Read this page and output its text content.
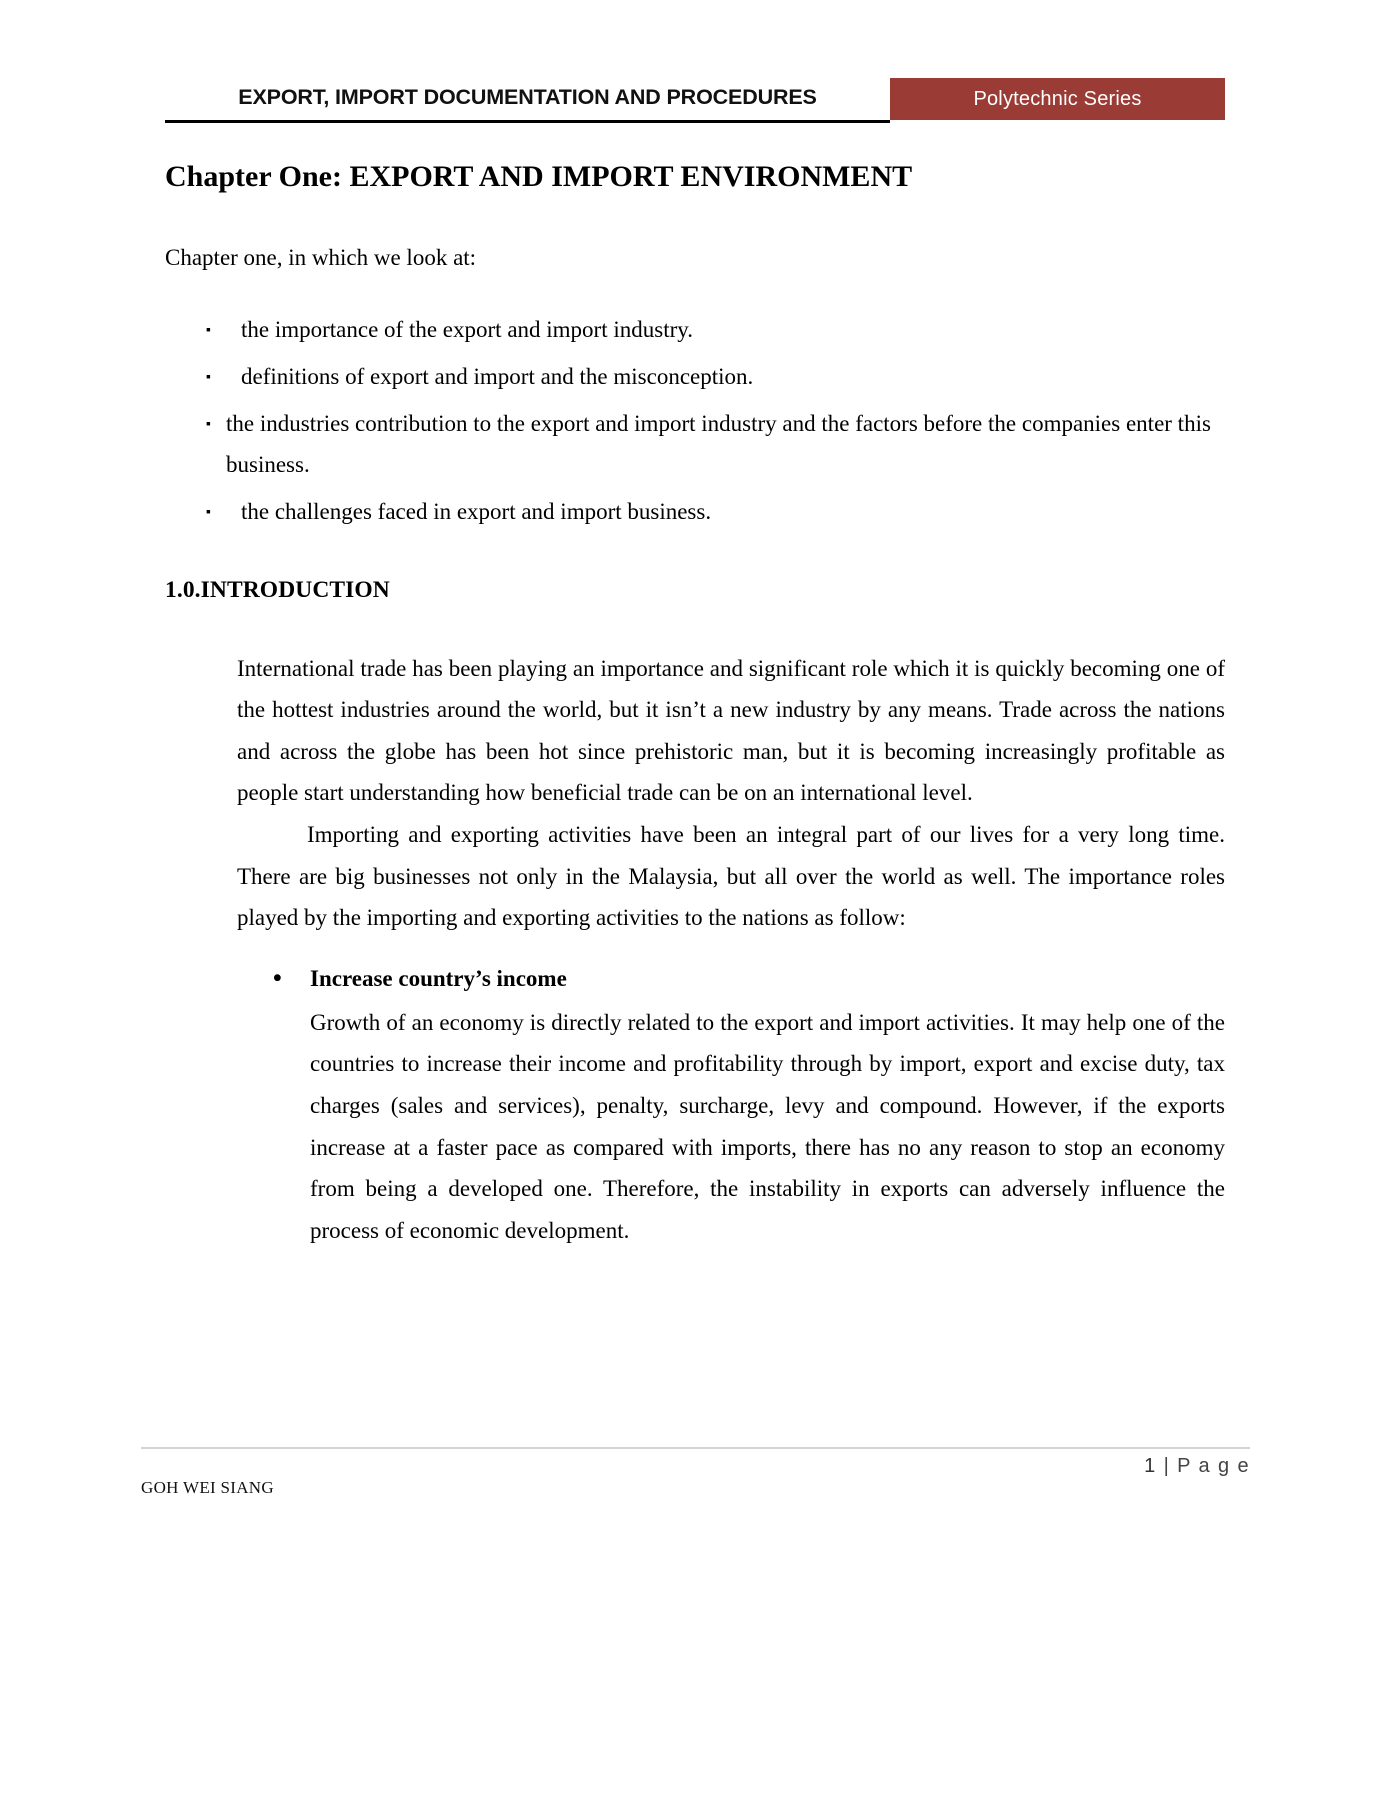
EXPORT, IMPORT DOCUMENTATION AND PROCEDURES	Polytechnic Series
Chapter One: EXPORT AND IMPORT ENVIRONMENT

Chapter one, in which we look at:

▪ the importance of the export and import industry.
▪ definitions of export and import and the misconception.
▪ the industries contribution to the export and import industry and the factors before the companies enter this business.
▪ the challenges faced in export and import business.
1.0.INTRODUCTION

International trade has been playing an importance and significant role which it is quickly becoming one of the hottest industries around the world, but it isn’t a new industry by any means. Trade across the nations and across the globe has been hot since prehistoric man, but it is becoming increasingly profitable as people start understanding how beneficial trade can be on an international level.

Importing and exporting activities have been an integral part of our lives for a very long time. There are big businesses not only in the Malaysia, but all over the world as well. The importance roles played by the importing and exporting activities to the nations as follow:

• Increase country’s income

Growth of an economy is directly related to the export and import activities. It may help one of the countries to increase their income and profitability through by import, export and excise duty, tax charges (sales and services), penalty, surcharge, levy and compound. However, if the exports increase at a faster pace as compared with imports, there has no any reason to stop an economy from being a developed one. Therefore, the instability in exports can adversely influence the process of economic development.

1 | P a g e
GOH WEI SIANG
